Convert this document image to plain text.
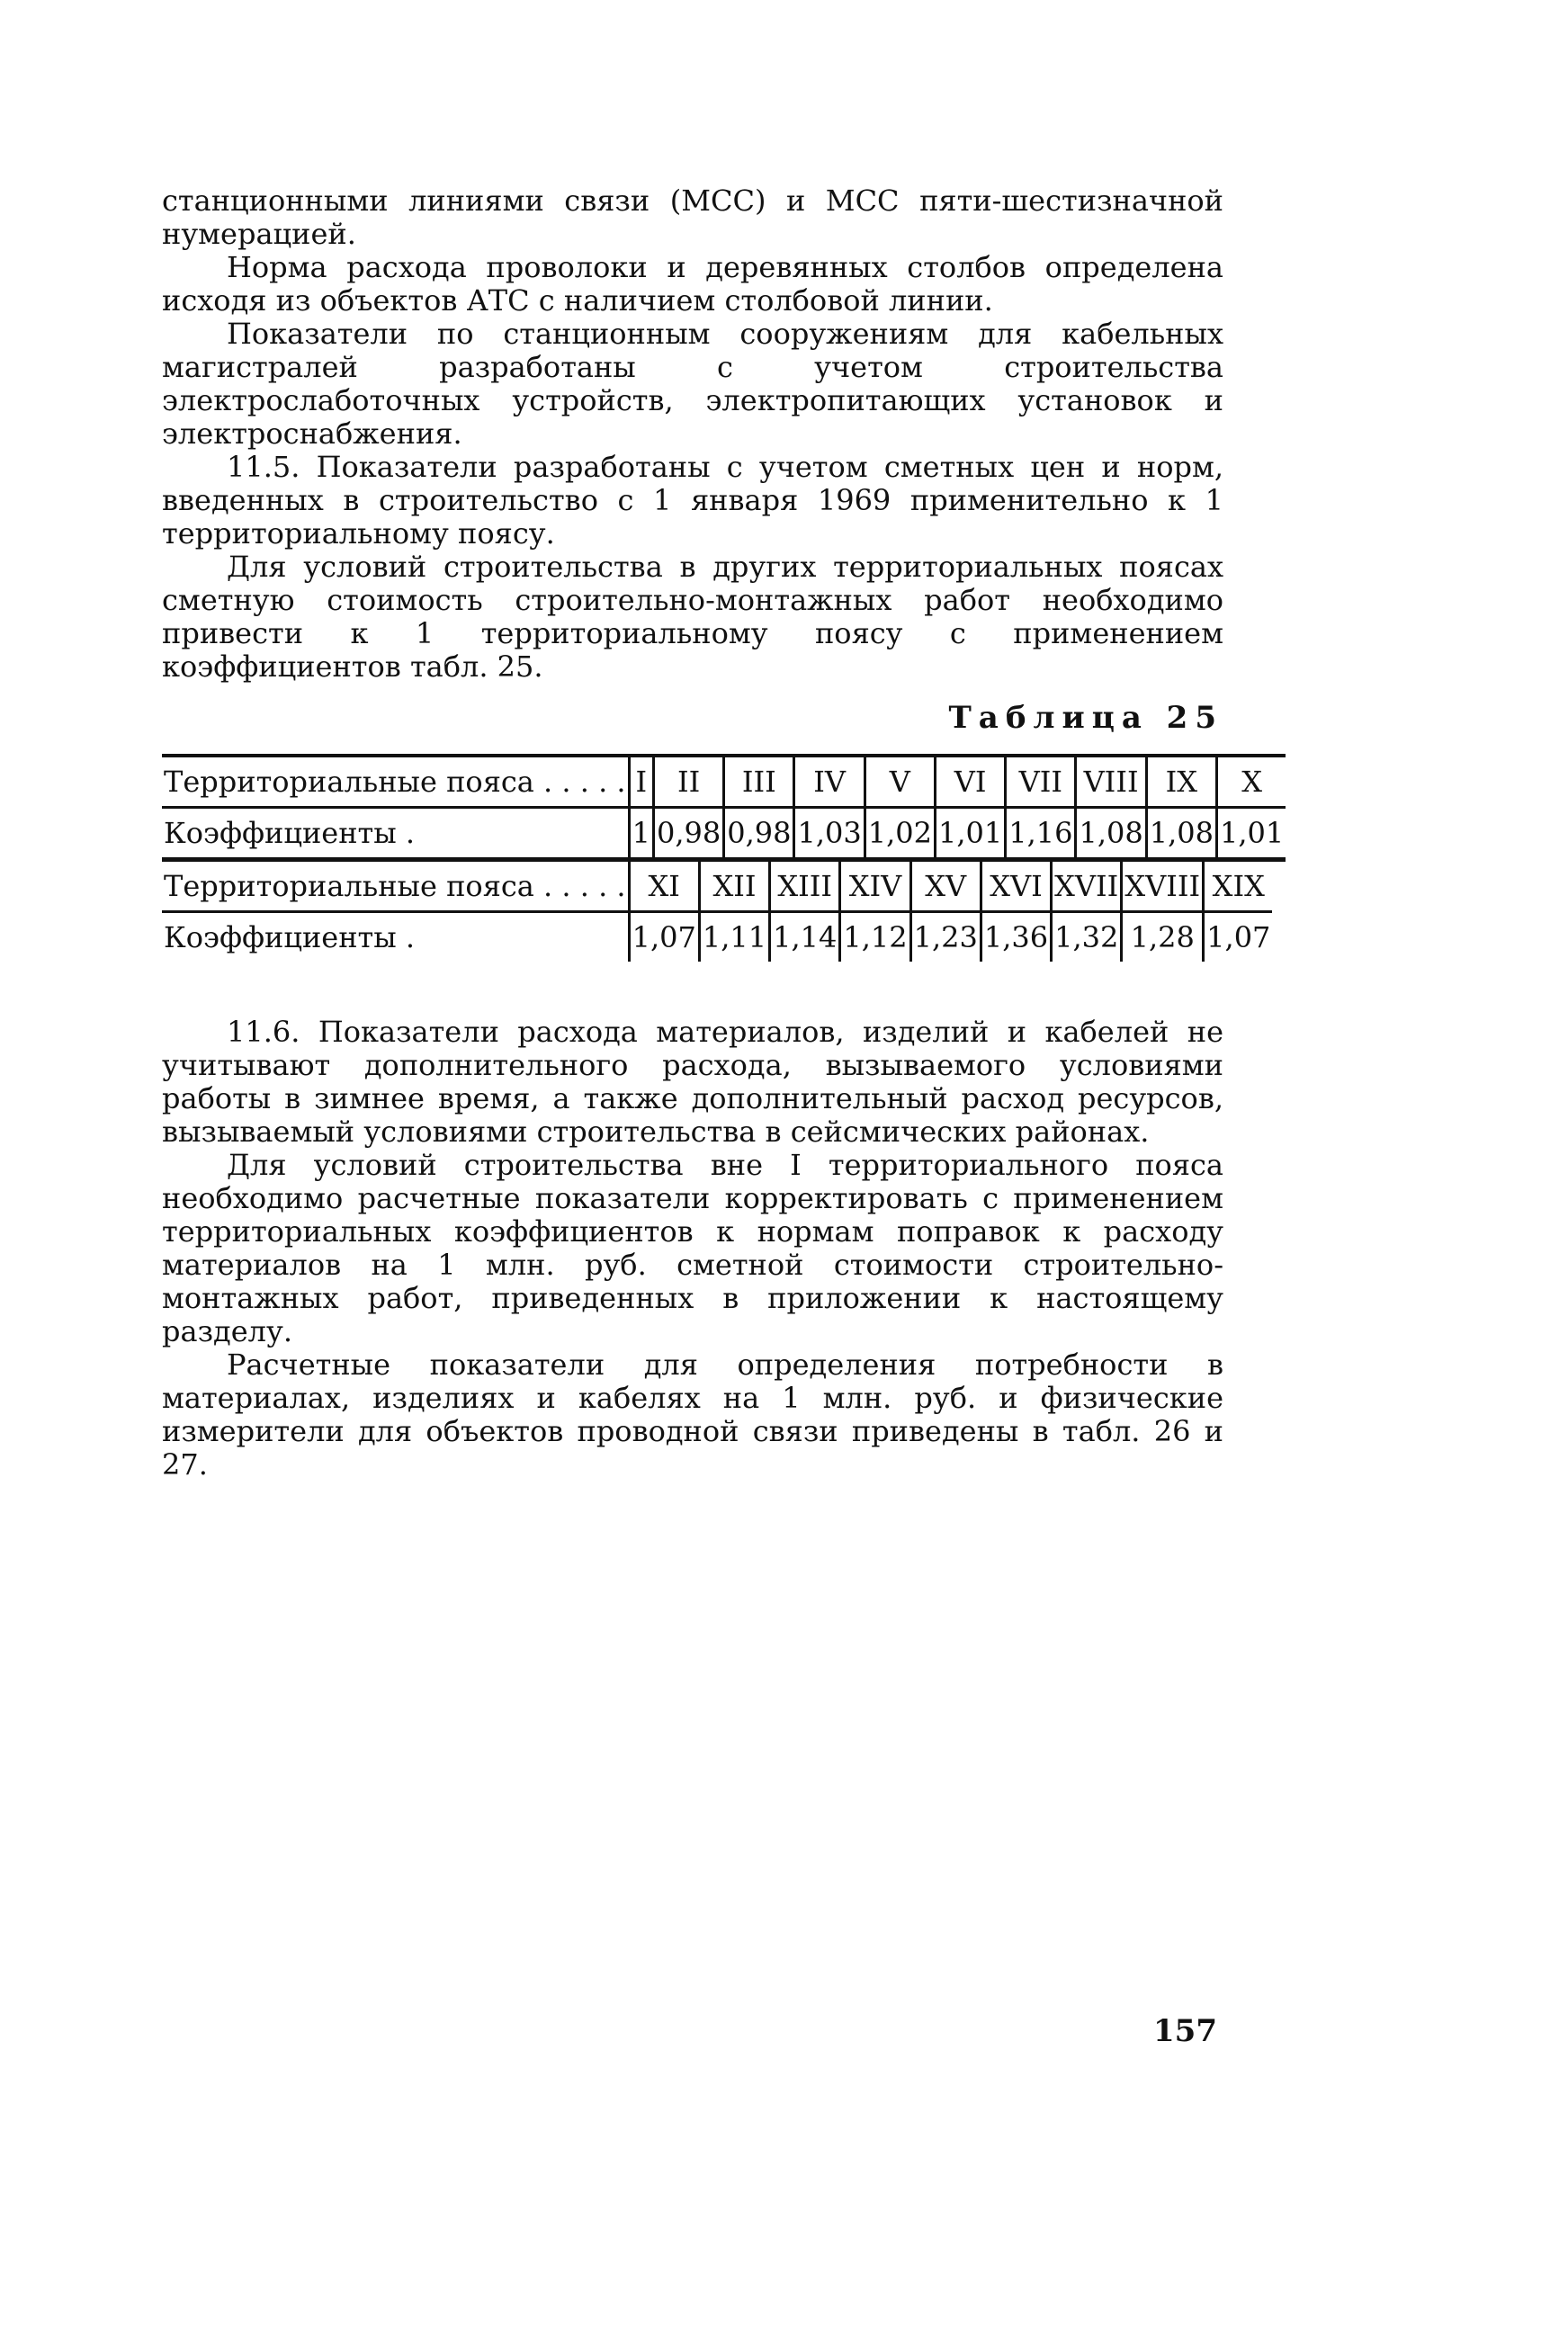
станционными линиями связи (МСС) и МСС пяти-шестизначной нумерацией.

Норма расхода проволоки и деревянных столбов определена исходя из объектов АТС с наличием столбовой линии.

Показатели по станционным сооружениям для кабельных магистралей разработаны с учетом строительства электрослаботочных устройств, электропитающих установок и электроснабжения.

11.5. Показатели разработаны с учетом сметных цен и норм, введенных в строительство с 1 января 1969 применительно к 1 территориальному поясу.

Для условий строительства в других территориальных поясах сметную стоимость строительно-монтажных работ необходимо привести к 1 территориальному поясу с применением коэффициентов табл. 25.

Таблица 25
Территориальные пояса . . . . .	I	II	III	IV	V	VI	VII	VIII	IX	X
Коэффициенты .	1	0,98	0,98	1,03	1,02	1,01	1,16	1,08	1,08	1,01
Территориальные пояса . . . . .	XI	XII	XIII	XIV	XV	XVI	XVII	XVIII	XIX
Коэффициенты .	1,07	1,11	1,14	1,12	1,23	1,36	1,32	1,28	1,07

11.6. Показатели расхода материалов, изделий и кабелей не учитывают дополнительного расхода, вызываемого условиями работы в зимнее время, а также дополнительный расход ресурсов, вызываемый условиями строительства в сейсмических районах.

Для условий строительства вне I территориального пояса необходимо расчетные показатели корректировать с применением территориальных коэффициентов к нормам поправок к расходу материалов на 1 млн. руб. сметной стоимости строительно-монтажных работ, приведенных в приложении к настоящему разделу.

Расчетные показатели для определения потребности в материалах, изделиях и кабелях на 1 млн. руб. и физические измерители для объектов проводной связи приведены в табл. 26 и 27.

157
